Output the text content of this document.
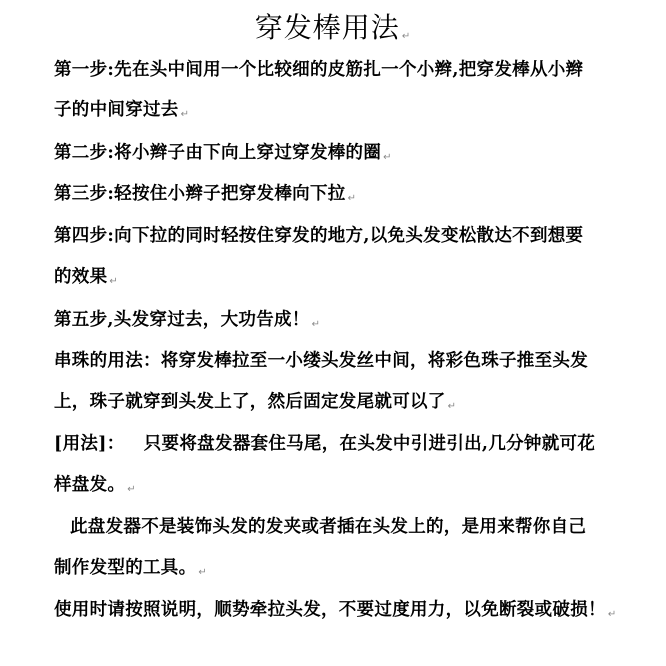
穿发棒用法 ↵
第一步:先在头中间用一个比较细的皮筋扎一个小辫,把穿发棒从小辫
子的中间穿过去 ↵
第二步:将小辫子由下向上穿过穿发棒的圈 ↵
第三步:轻按住小辫子把穿发棒向下拉 ↵
第四步:向下拉的同时轻按住穿发的地方,以免头发变松散达不到想要
的效果 ↵
第五步,头发穿过去，大功告成！ ↵
串珠的用法：将穿发棒拉至一小缕头发丝中间，将彩色珠子推至头发
上，珠子就穿到头发上了，然后固定发尾就可以了 ↵
[用法]：   只要将盘发器套住马尾，在头发中引进引出,几分钟就可花
样盘发。 ↵
此盘发器不是装饰头发的发夹或者插在头发上的，是用来帮你自己
制作发型的工具。 ↵
使用时请按照说明，顺势牵拉头发，不要过度用力，以免断裂或破损！ ↵
